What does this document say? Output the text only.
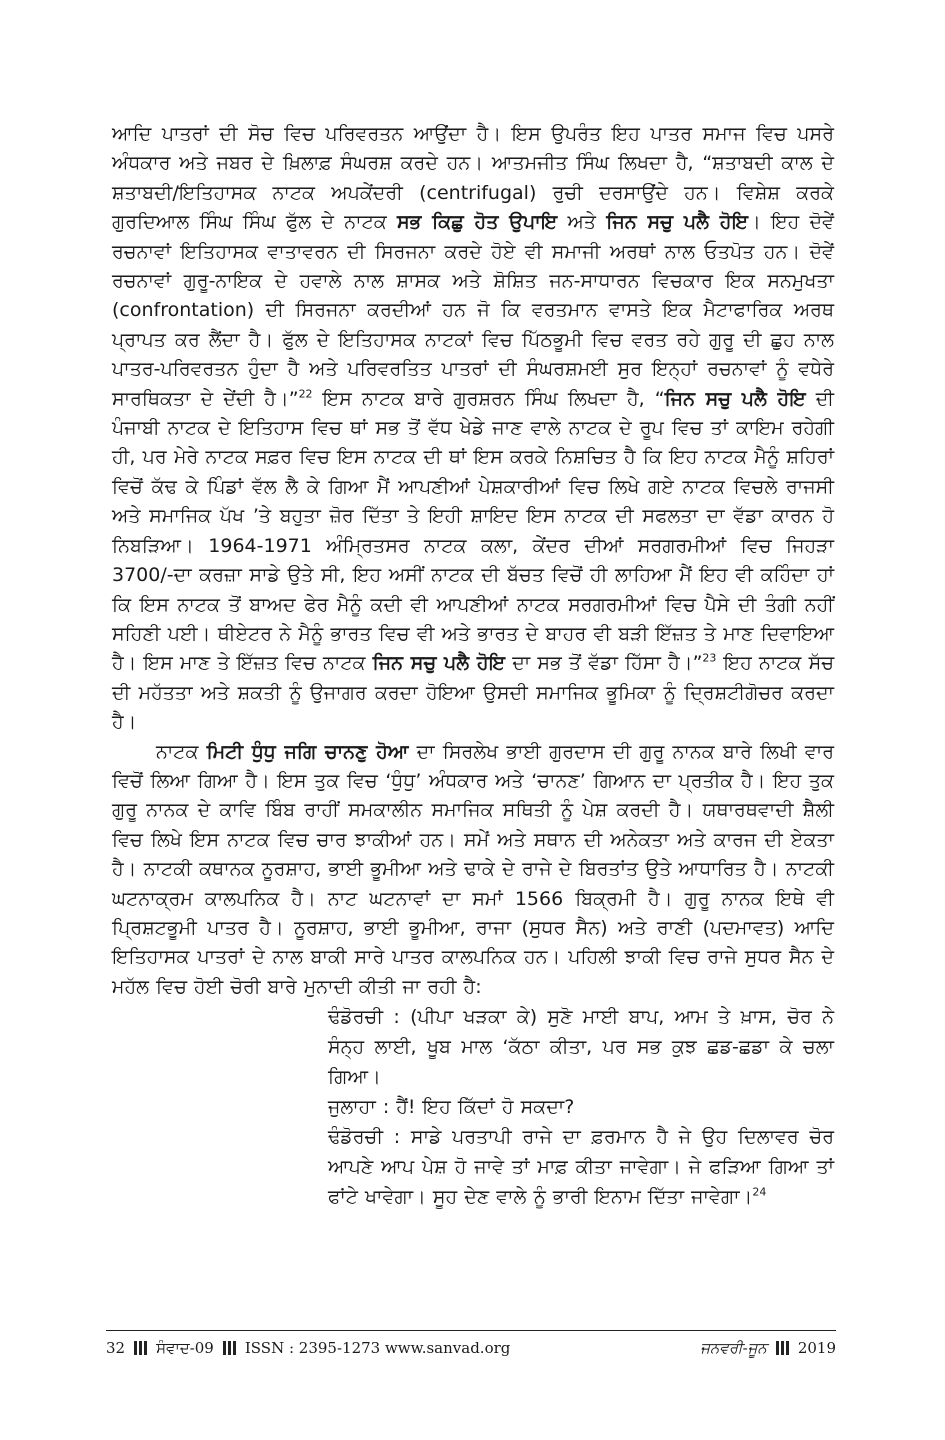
ਆਦਿ ਪਾਤਰਾਂ ਦੀ ਸੋਚ ਵਿਚ ਪਰਿਵਰਤਨ ਆਉਂਦਾ ਹੈ। ਇਸ ਉਪਰੰਤ ਇਹ ਪਾਤਰ ਸਮਾਜ ਵਿਚ ਪਸਰੇ ਅੰਧਕਾਰ ਅਤੇ ਜਬਰ ਦੇ ਖ਼ਿਲਾਫ਼ ਸੰਘਰਸ਼ ਕਰਦੇ ਹਨ। ਆਤਮਜੀਤ ਸਿੰਘ ਲਿਖਦਾ ਹੈ, “ਸ਼ਤਾਬਦੀ ਕਾਲ ਦੇ ਸ਼ਤਾਬਦੀ/ਇਤਿਹਾਸਕ ਨਾਟਕ ਅਪਕੇਂਦਰੀ (centrifugal) ਰੁਚੀ ਦਰਸਾਉਂਦੇ ਹਨ। ਵਿਸ਼ੇਸ਼ ਕਰਕੇ ਗੁਰਦਿਆਲ ਸਿੰਘ ਸਿੰਘ ਫੁੱਲ ਦੇ ਨਾਟਕ ਸਭ ਕਿਛੁ ਹੋਤ ਉਪਾਇ ਅਤੇ ਜਿਨ ਸਚੁ ਪਲੈ ਹੋਇ। ਇਹ ਦੋਵੇਂ ਰਚਨਾਵਾਂ ਇਤਿਹਾਸਕ ਵਾਤਾਵਰਨ ਦੀ ਸਿਰਜਨਾ ਕਰਦੇ ਹੋਏ ਵੀ ਸਮਾਜੀ ਅਰਥਾਂ ਨਾਲ ਓਤਪੋਤ ਹਨ। ਦੋਵੇਂ ਰਚਨਾਵਾਂ ਗੁਰੂ-ਨਾਇਕ ਦੇ ਹਵਾਲੇ ਨਾਲ ਸ਼ਾਸਕ ਅਤੇ ਸ਼ੋਸ਼ਿਤ ਜਨ-ਸਾਧਾਰਨ ਵਿਚਕਾਰ ਇਕ ਸਨਮੁਖਤਾ (confrontation) ਦੀ ਸਿਰਜਨਾ ਕਰਦੀਆਂ ਹਨ ਜੋ ਕਿ ਵਰਤਮਾਨ ਵਾਸਤੇ ਇਕ ਮੈਟਾਫਾਰਿਕ ਅਰਥ ਪ੍ਰਾਪਤ ਕਰ ਲੈਂਦਾ ਹੈ। ਫੁੱਲ ਦੇ ਇਤਿਹਾਸਕ ਨਾਟਕਾਂ ਵਿਚ ਪਿੱਠਭੂਮੀ ਵਿਚ ਵਰਤ ਰਹੇ ਗੁਰੂ ਦੀ ਛੁਹ ਨਾਲ ਪਾਤਰ-ਪਰਿਵਰਤਨ ਹੁੰਦਾ ਹੈ ਅਤੇ ਪਰਿਵਰਤਿਤ ਪਾਤਰਾਂ ਦੀ ਸੰਘਰਸ਼ਮਈ ਸੁਰ ਇਨ੍ਹਾਂ ਰਚਨਾਵਾਂ ਨੂੰ ਵਧੇਰੇ ਸਾਰਥਿਕਤਾ ਦੇ ਦੇਂਦੀ ਹੈ।”$^{22}$ ਇਸ ਨਾਟਕ ਬਾਰੇ ਗੁਰਸ਼ਰਨ ਸਿੰਘ ਲਿਖਦਾ ਹੈ, “ਜਿਨ ਸਚੁ ਪਲੈ ਹੋਇ ਦੀ ਪੰਜਾਬੀ ਨਾਟਕ ਦੇ ਇਤਿਹਾਸ ਵਿਚ ਥਾਂ ਸਭ ਤੋਂ ਵੱਧ ਖੇਡੇ ਜਾਣ ਵਾਲੇ ਨਾਟਕ ਦੇ ਰੂਪ ਵਿਚ ਤਾਂ ਕਾਇਮ ਰਹੇਗੀ ਹੀ, ਪਰ ਮੇਰੇ ਨਾਟਕ ਸਫ਼ਰ ਵਿਚ ਇਸ ਨਾਟਕ ਦੀ ਥਾਂ ਇਸ ਕਰਕੇ ਨਿਸ਼ਚਿਤ ਹੈ ਕਿ ਇਹ ਨਾਟਕ ਮੈਨੂੰ ਸ਼ਹਿਰਾਂ ਵਿਚੋਂ ਕੱਢ ਕੇ ਪਿੰਡਾਂ ਵੱਲ ਲੈ ਕੇ ਗਿਆ ਮੈਂ ਆਪਣੀਆਂ ਪੇਸ਼ਕਾਰੀਆਂ ਵਿਚ ਲਿਖੇ ਗਏ ਨਾਟਕ ਵਿਚਲੇ ਰਾਜਸੀ ਅਤੇ ਸਮਾਜਿਕ ਪੱਖ ’ਤੇ ਬਹੁਤਾ ਜ਼ੋਰ ਦਿੱਤਾ ਤੇ ਇਹੀ ਸ਼ਾਇਦ ਇਸ ਨਾਟਕ ਦੀ ਸਫਲਤਾ ਦਾ ਵੱਡਾ ਕਾਰਨ ਹੋ ਨਿਬੜਿਆ। 1964-1971 ਅੰਮ੍ਰਿਤਸਰ ਨਾਟਕ ਕਲਾ, ਕੇਂਦਰ ਦੀਆਂ ਸਰਗਰਮੀਆਂ ਵਿਚ ਜਿਹੜਾ 3700/-ਦਾ ਕਰਜ਼ਾ ਸਾਡੇ ਉਤੇ ਸੀ, ਇਹ ਅਸੀਂ ਨਾਟਕ ਦੀ ਬੱਚਤ ਵਿਚੋਂ ਹੀ ਲਾਹਿਆ ਮੈਂ ਇਹ ਵੀ ਕਹਿੰਦਾ ਹਾਂ ਕਿ ਇਸ ਨਾਟਕ ਤੋਂ ਬਾਅਦ ਫੇਰ ਮੈਨੂੰ ਕਦੀ ਵੀ ਆਪਣੀਆਂ ਨਾਟਕ ਸਰਗਰਮੀਆਂ ਵਿਚ ਪੈਸੇ ਦੀ ਤੰਗੀ ਨਹੀਂ ਸਹਿਣੀ ਪਈ। ਥੀਏਟਰ ਨੇ ਮੈਨੂੰ ਭਾਰਤ ਵਿਚ ਵੀ ਅਤੇ ਭਾਰਤ ਦੇ ਬਾਹਰ ਵੀ ਬੜੀ ਇੱਜ਼ਤ ਤੇ ਮਾਣ ਦਿਵਾਇਆ ਹੈ। ਇਸ ਮਾਣ ਤੇ ਇੱਜ਼ਤ ਵਿਚ ਨਾਟਕ ਜਿਨ ਸਚੁ ਪਲੈ ਹੋਇ ਦਾ ਸਭ ਤੋਂ ਵੱਡਾ ਹਿੱਸਾ ਹੈ।”$^{23}$ ਇਹ ਨਾਟਕ ਸੱਚ ਦੀ ਮਹੱਤਤਾ ਅਤੇ ਸ਼ਕਤੀ ਨੂੰ ਉਜਾਗਰ ਕਰਦਾ ਹੋਇਆ ਉਸਦੀ ਸਮਾਜਿਕ ਭੂਮਿਕਾ ਨੂੰ ਦ੍ਰਿਸ਼ਟੀਗੋਚਰ ਕਰਦਾ ਹੈ।

ਨਾਟਕ ਮਿਟੀ ਧੁੰਧੁ ਜਗਿ ਚਾਨਣੁ ਹੋਆ ਦਾ ਸਿਰਲੇਖ ਭਾਈ ਗੁਰਦਾਸ ਦੀ ਗੁਰੂ ਨਾਨਕ ਬਾਰੇ ਲਿਖੀ ਵਾਰ ਵਿਚੋਂ ਲਿਆ ਗਿਆ ਹੈ। ਇਸ ਤੁਕ ਵਿਚ ‘ਧੁੰਧੁ’ ਅੰਧਕਾਰ ਅਤੇ ‘ਚਾਨਣ’ ਗਿਆਨ ਦਾ ਪ੍ਰਤੀਕ ਹੈ। ਇਹ ਤੁਕ ਗੁਰੂ ਨਾਨਕ ਦੇ ਕਾਵਿ ਬਿੰਬ ਰਾਹੀਂ ਸਮਕਾਲੀਨ ਸਮਾਜਿਕ ਸਥਿਤੀ ਨੂੰ ਪੇਸ਼ ਕਰਦੀ ਹੈ। ਯਥਾਰਥਵਾਦੀ ਸ਼ੈਲੀ ਵਿਚ ਲਿਖੇ ਇਸ ਨਾਟਕ ਵਿਚ ਚਾਰ ਝਾਕੀਆਂ ਹਨ। ਸਮੇਂ ਅਤੇ ਸਥਾਨ ਦੀ ਅਨੇਕਤਾ ਅਤੇ ਕਾਰਜ ਦੀ ਏਕਤਾ ਹੈ। ਨਾਟਕੀ ਕਥਾਨਕ ਨੂਰਸ਼ਾਹ, ਭਾਈ ਭੂਮੀਆ ਅਤੇ ਢਾਕੇ ਦੇ ਰਾਜੇ ਦੇ ਬਿਰਤਾਂਤ ਉਤੇ ਆਧਾਰਿਤ ਹੈ। ਨਾਟਕੀ ਘਟਨਾਕ੍ਰਮ ਕਾਲਪਨਿਕ ਹੈ। ਨਾਟ ਘਟਨਾਵਾਂ ਦਾ ਸਮਾਂ 1566 ਬਿਕ੍ਰਮੀ ਹੈ। ਗੁਰੂ ਨਾਨਕ ਇਥੇ ਵੀ ਪ੍ਰਿਸ਼ਟਭੂਮੀ ਪਾਤਰ ਹੈ। ਨੂਰਸ਼ਾਹ, ਭਾਈ ਭੂਮੀਆ, ਰਾਜਾ (ਸੁਧਰ ਸੈਨ) ਅਤੇ ਰਾਣੀ (ਪਦਮਾਵਤ) ਆਦਿ ਇਤਿਹਾਸਕ ਪਾਤਰਾਂ ਦੇ ਨਾਲ ਬਾਕੀ ਸਾਰੇ ਪਾਤਰ ਕਾਲਪਨਿਕ ਹਨ। ਪਹਿਲੀ ਝਾਕੀ ਵਿਚ ਰਾਜੇ ਸੁਧਰ ਸੈਨ ਦੇ ਮਹੱਲ ਵਿਚ ਹੋਈ ਚੋਰੀ ਬਾਰੇ ਮੁਨਾਦੀ ਕੀਤੀ ਜਾ ਰਹੀ ਹੈ:

ਢੰਡੋਰਚੀ : (ਪੀਪਾ ਖੜਕਾ ਕੇ) ਸੁਣੋ ਮਾਈ ਬਾਪ, ਆਮ ਤੇ ਖ਼ਾਸ, ਚੋਰ ਨੇ ਸੰਨ੍ਹ ਲਾਈ, ਖੂਬ ਮਾਲ ‘ਕੱਠਾ ਕੀਤਾ, ਪਰ ਸਭ ਕੁਝ ਛਡ-ਛਡਾ ਕੇ ਚਲਾ ਗਿਆ।

ਜੁਲਾਹਾ : ਹੈਂ! ਇਹ ਕਿੱਦਾਂ ਹੋ ਸਕਦਾ?

ਢੰਡੋਰਚੀ : ਸਾਡੇ ਪਰਤਾਪੀ ਰਾਜੇ ਦਾ ਫ਼ਰਮਾਨ ਹੈ ਜੇ ਉਹ ਦਿਲਾਵਰ ਚੋਰ ਆਪਣੇ ਆਪ ਪੇਸ਼ ਹੋ ਜਾਵੇ ਤਾਂ ਮਾਫ਼ ਕੀਤਾ ਜਾਵੇਗਾ। ਜੇ ਫੜਿਆ ਗਿਆ ਤਾਂ ਫਾਂਟੇ ਖਾਵੇਗਾ। ਸੂਹ ਦੇਣ ਵਾਲੇ ਨੂੰ ਭਾਰੀ ਇਨਾਮ ਦਿੱਤਾ ਜਾਵੇਗਾ।$^{24}$

32 ਸੰਵਾਦ-09 ISSN : 2395-1273 www.sanvad.org	ਜਨਵਰੀ-ਜੂਨ 2019
